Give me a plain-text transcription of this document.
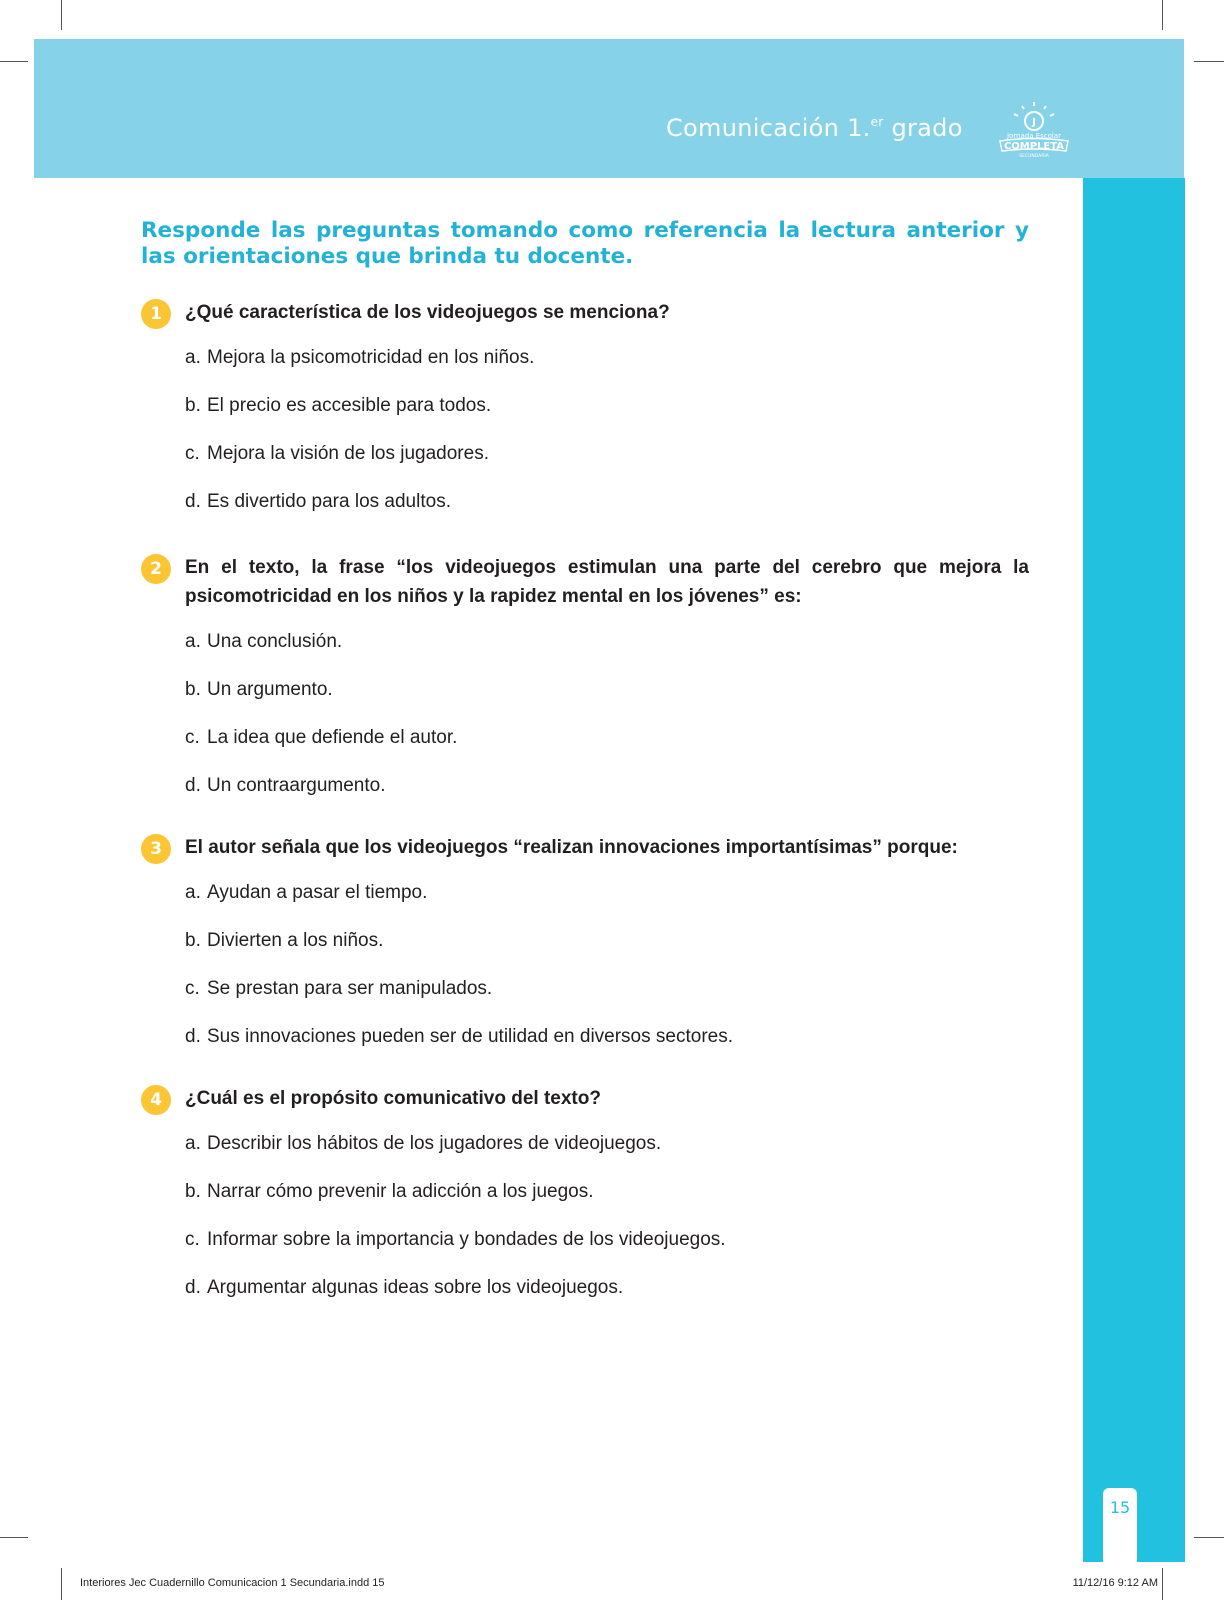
Comunicación 1.$^{er}$ grado	J
Jornada Escolar
COMPLETA
SECUNDARIA
15
Responde las preguntas tomando como referencia la lectura anterior y las orientaciones que brinda tu docente.
1	¿Qué característica de los videojuegos se menciona?
a. Mejora la psicomotricidad en los niños.
b. El precio es accesible para todos.
c. Mejora la visión de los jugadores.
d. Es divertido para los adultos.
2	En el texto, la frase “los videojuegos estimulan una parte del cerebro que mejora la psicomotricidad en los niños y la rapidez mental en los jóvenes” es:
a. Una conclusión.
b. Un argumento.
c. La idea que defiende el autor.
d. Un contraargumento.
3	El autor señala que los videojuegos “realizan innovaciones importantísimas” porque:
a. Ayudan a pasar el tiempo.
b. Divierten a los niños.
c. Se prestan para ser manipulados.
d. Sus innovaciones pueden ser de utilidad en diversos sectores.
4	¿Cuál es el propósito comunicativo del texto?
a. Describir los hábitos de los jugadores de videojuegos.
b. Narrar cómo prevenir la adicción a los juegos.
c. Informar sobre la importancia y bondades de los videojuegos.
d. Argumentar algunas ideas sobre los videojuegos.
Interiores Jec Cuadernillo Comunicacion 1 Secundaria.indd 15	11/12/16 9:12 AM
